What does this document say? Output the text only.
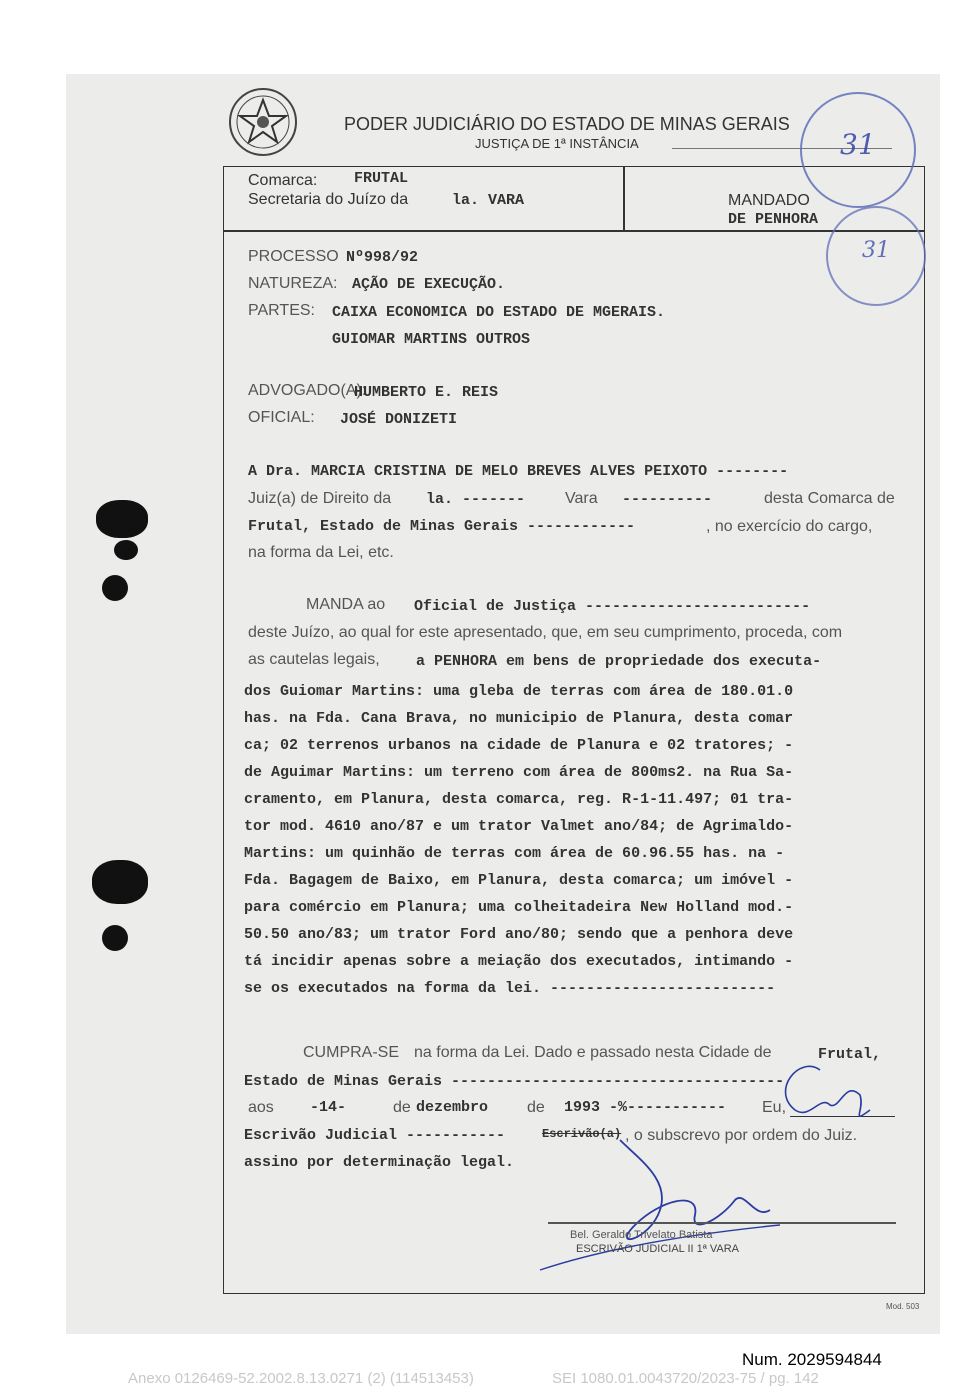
PODER JUDICIÁRIO DO ESTADO DE MINAS GERAIS
JUSTIÇA DE 1ª INSTÂNCIA
Comarca: FRUTAL
Secretaria do Juízo da	la. VARA	MANDADO
DE PENHORA
PROCESSO Nº998/92
NATUREZA: AÇÃO DE EXECUÇÃO.
PARTES: CAIXA ECONOMICA DO ESTADO DE MGERAIS.
GUIOMAR MARTINS OUTROS
ADVOGADO(A):
HUMBERTO E. REIS
OFICIAL: JOSÉ DONIZETI
A Dra. MARCIA CRISTINA DE MELO BREVES ALVES PEIXOTO --------
Juiz(a) de Direito da la. ------- Vara ----------	desta Comarca de
Frutal, Estado de Minas Gerais ------------	, no exercício do cargo,
na forma da Lei, etc.
MANDA ao Oficial de Justiça -------------------------
deste Juízo, ao qual for este apresentado, que, em seu cumprimento, proceda, com
as cautelas legais, a PENHORA em bens de propriedade dos executa-
dos Guiomar Martins: uma gleba de terras com área de 180.01.0
has. na Fda. Cana Brava, no municipio de Planura, desta comar
ca; 02 terrenos urbanos na cidade de Planura e 02 tratores; -
de Aguimar Martins: um terreno com área de 800ms2. na Rua Sa-
cramento, em Planura, desta comarca, reg. R-1-11.497; 01 tra-
tor mod. 4610 ano/87 e um trator Valmet ano/84; de Agrimaldo-
Martins: um quinhão de terras com área de 60.96.55 has. na -
Fda. Bagagem de Baixo, em Planura, desta comarca; um imóvel -
para comércio em Planura; uma colheitadeira New Holland mod.-
50.50 ano/83; um trator Ford ano/80; sendo que a penhora deve
tá incidir apenas sobre a meiação dos executados, intimando -
se os executados na forma da lei. -------------------------
CUMPRA-SE na forma da Lei. Dado e passado nesta Cidade de	Frutal,
Estado de Minas Gerais -------------------------------------
aos -14-	de dezembro de 1993 -%----------- Eu,
Escrivão Judicial -----------	Escrivão(a) , o subscrevo por ordem do Juiz.
assino por determinação legal.
Bel. Geraldo Trivelato Batista
ESCRIVÃO JUDICIAL II 1ª VARA
31
31
Mod. 503
Num. 2029594844
Anexo 0126469-52.2002.8.13.0271 (2) (114513453)	SEI 1080.01.0043720/2023-75 / pg. 142
